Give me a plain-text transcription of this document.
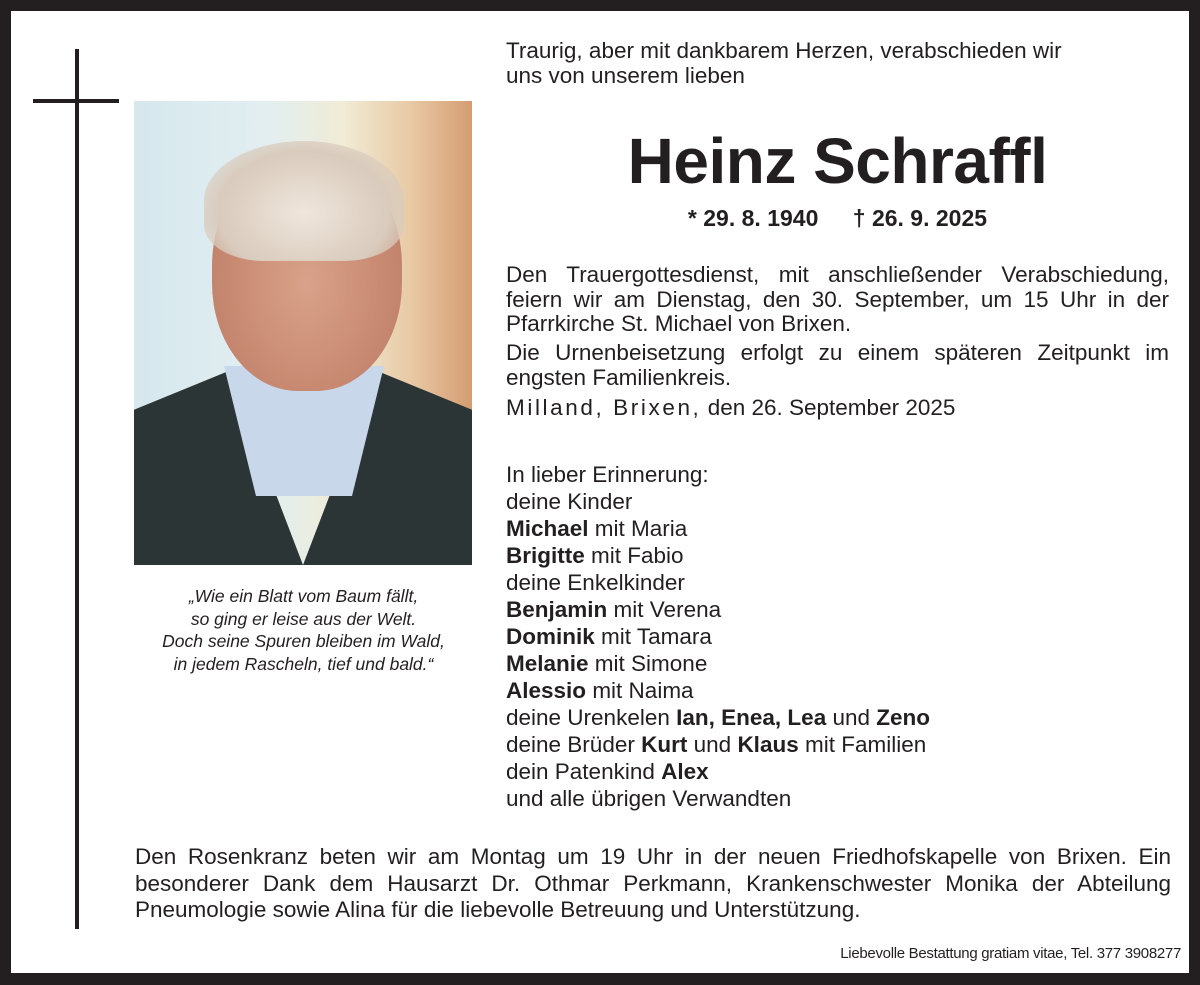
„Wie ein Blatt vom Baum fällt,
so ging er leise aus der Welt.
Doch seine Spuren bleiben im Wald,
in jedem Rascheln, tief und bald.“
Traurig, aber mit dankbarem Herzen, verabschieden wir
uns von unserem lieben
Heinz Schraffl
* 29. 8. 1940 † 26. 9. 2025
Den Trauergottesdienst, mit anschließender Verabschiedung, feiern wir am Dienstag, den 30. September, um 15 Uhr in der Pfarrkirche St. Michael von Brixen.
Die Urnenbeisetzung erfolgt zu einem späteren Zeitpunkt im engsten Familienkreis.
Milland, Brixen, den 26. September 2025
In lieber Erinnerung:
deine Kinder
Michael mit Maria
Brigitte mit Fabio
deine Enkelkinder
Benjamin mit Verena
Dominik mit Tamara
Melanie mit Simone
Alessio mit Naima
deine Urenkelen Ian, Enea, Lea und Zeno
deine Brüder Kurt und Klaus mit Familien
dein Patenkind Alex
und alle übrigen Verwandten
Den Rosenkranz beten wir am Montag um 19 Uhr in der neuen Friedhofskapelle von Brixen. Ein besonderer Dank dem Hausarzt Dr. Othmar Perkmann, Krankenschwester Monika der Abteilung Pneumologie sowie Alina für die liebevolle Betreuung und Unterstützung.
Liebevolle Bestattung gratiam vitae, Tel. 377 3908277
